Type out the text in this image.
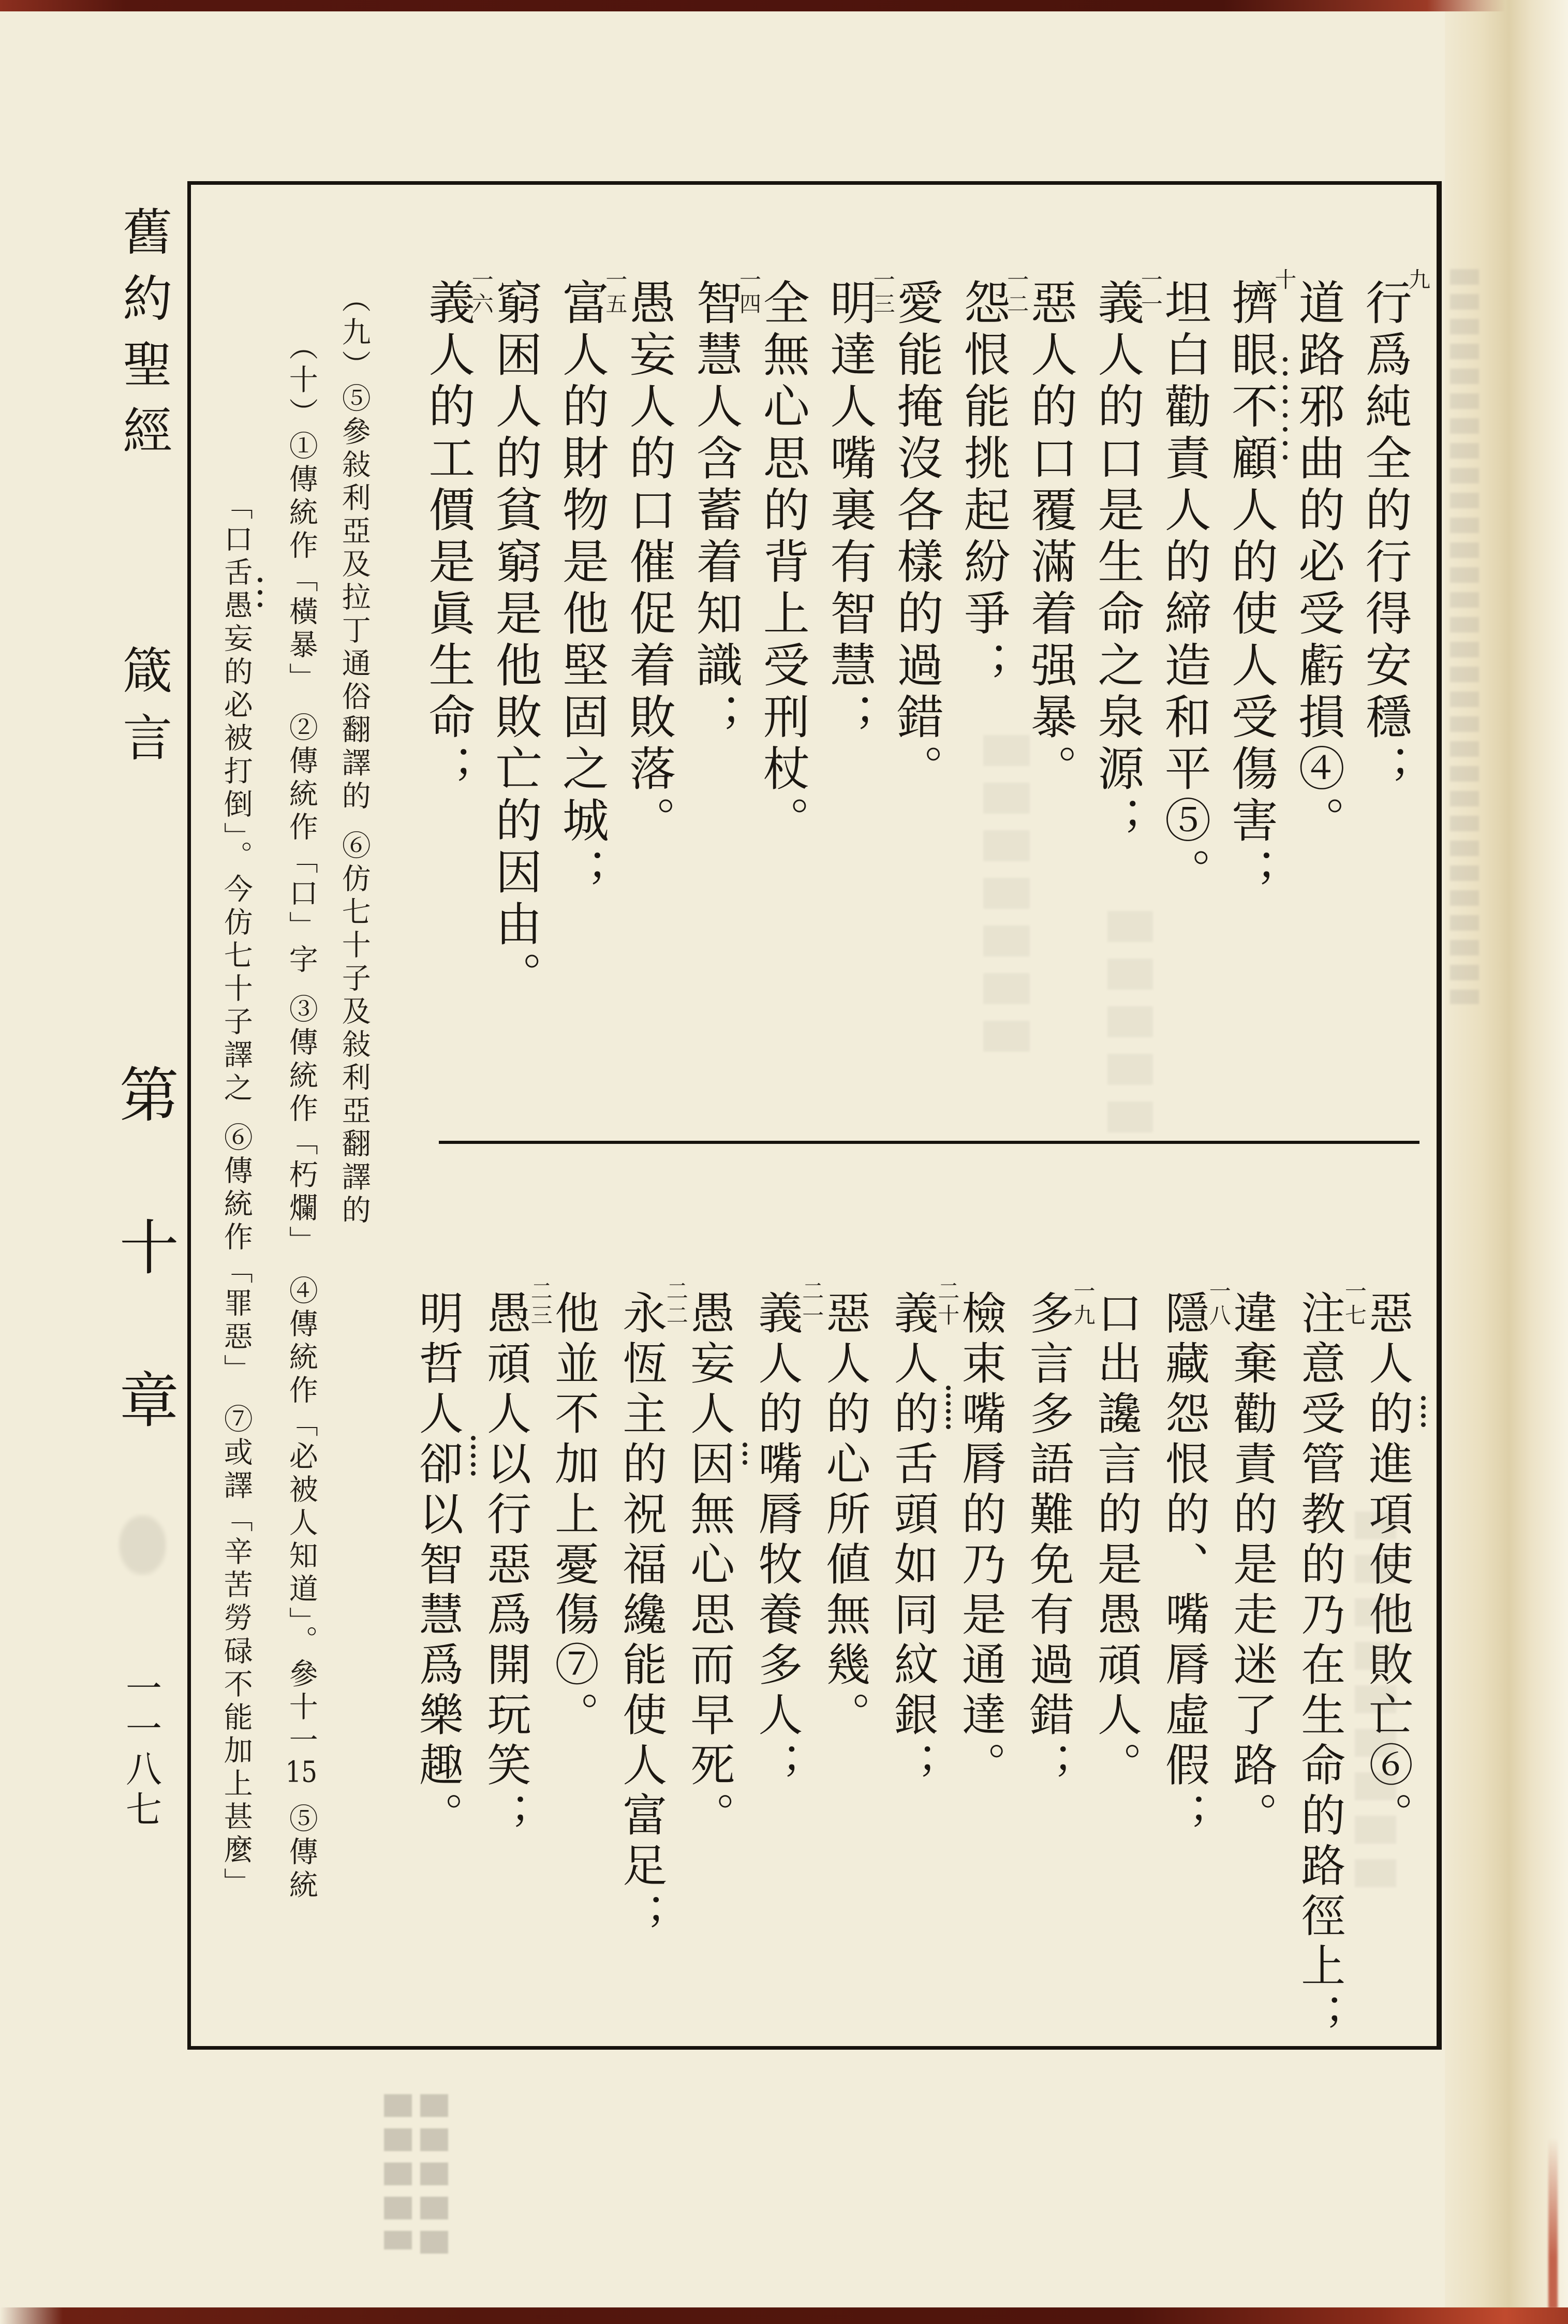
舊約聖經
箴言
第十章
一一八七
行爲純全的行得安穩；
九
道路邪曲的必受虧損④。
擠眼不顧人的使人受傷害；
十
坦白勸責人的締造和平⑤。
義人的口是生命之泉源；
一一
惡人的口覆滿着强暴。
怨恨能挑起紛爭；
一二
愛能掩沒各樣的過錯。
明達人嘴裏有智慧；
一三
全無心思的背上受刑杖。
智慧人含蓄着知識；
一四
愚妄人的口催促着敗落。
富人的財物是他堅固之城；
一五
窮困人的貧窮是他敗亡的因由。
義人的工價是眞生命；
一六
惡人的進項使他敗亡⑥。
注意受管教的乃在生命的路徑上；
一七
違棄勸責的是走迷了路。
隱藏怨恨的、嘴脣虛假；
一八
口出讒言的是愚頑人。
多言多語難免有過錯；
一九
檢束嘴脣的乃是通達。
義人的舌頭如同紋銀；
二十
惡人的心所値無幾。
義人的嘴脣牧養多人；
二一
愚妄人因無心思而早死。
永恆主的祝福纔能使人富足；
二二
他並不加上憂傷⑦。
愚頑人以行惡爲開玩笑；
二三
明哲人卻以智慧爲樂趣。
（九）⑤參敍利亞及拉丁通俗翻譯的⑥仿七十子及敍利亞翻譯的
（十）①傳統作「橫暴」②傳統作「口」字③傳統作「朽爛」④傳統作「必被人知道」。參十一15⑤傳統
「口舌愚妄的必被打倒」。今仿七十子譯之⑥傳統作「罪惡」⑦或譯「辛苦勞碌不能加上甚麼」
